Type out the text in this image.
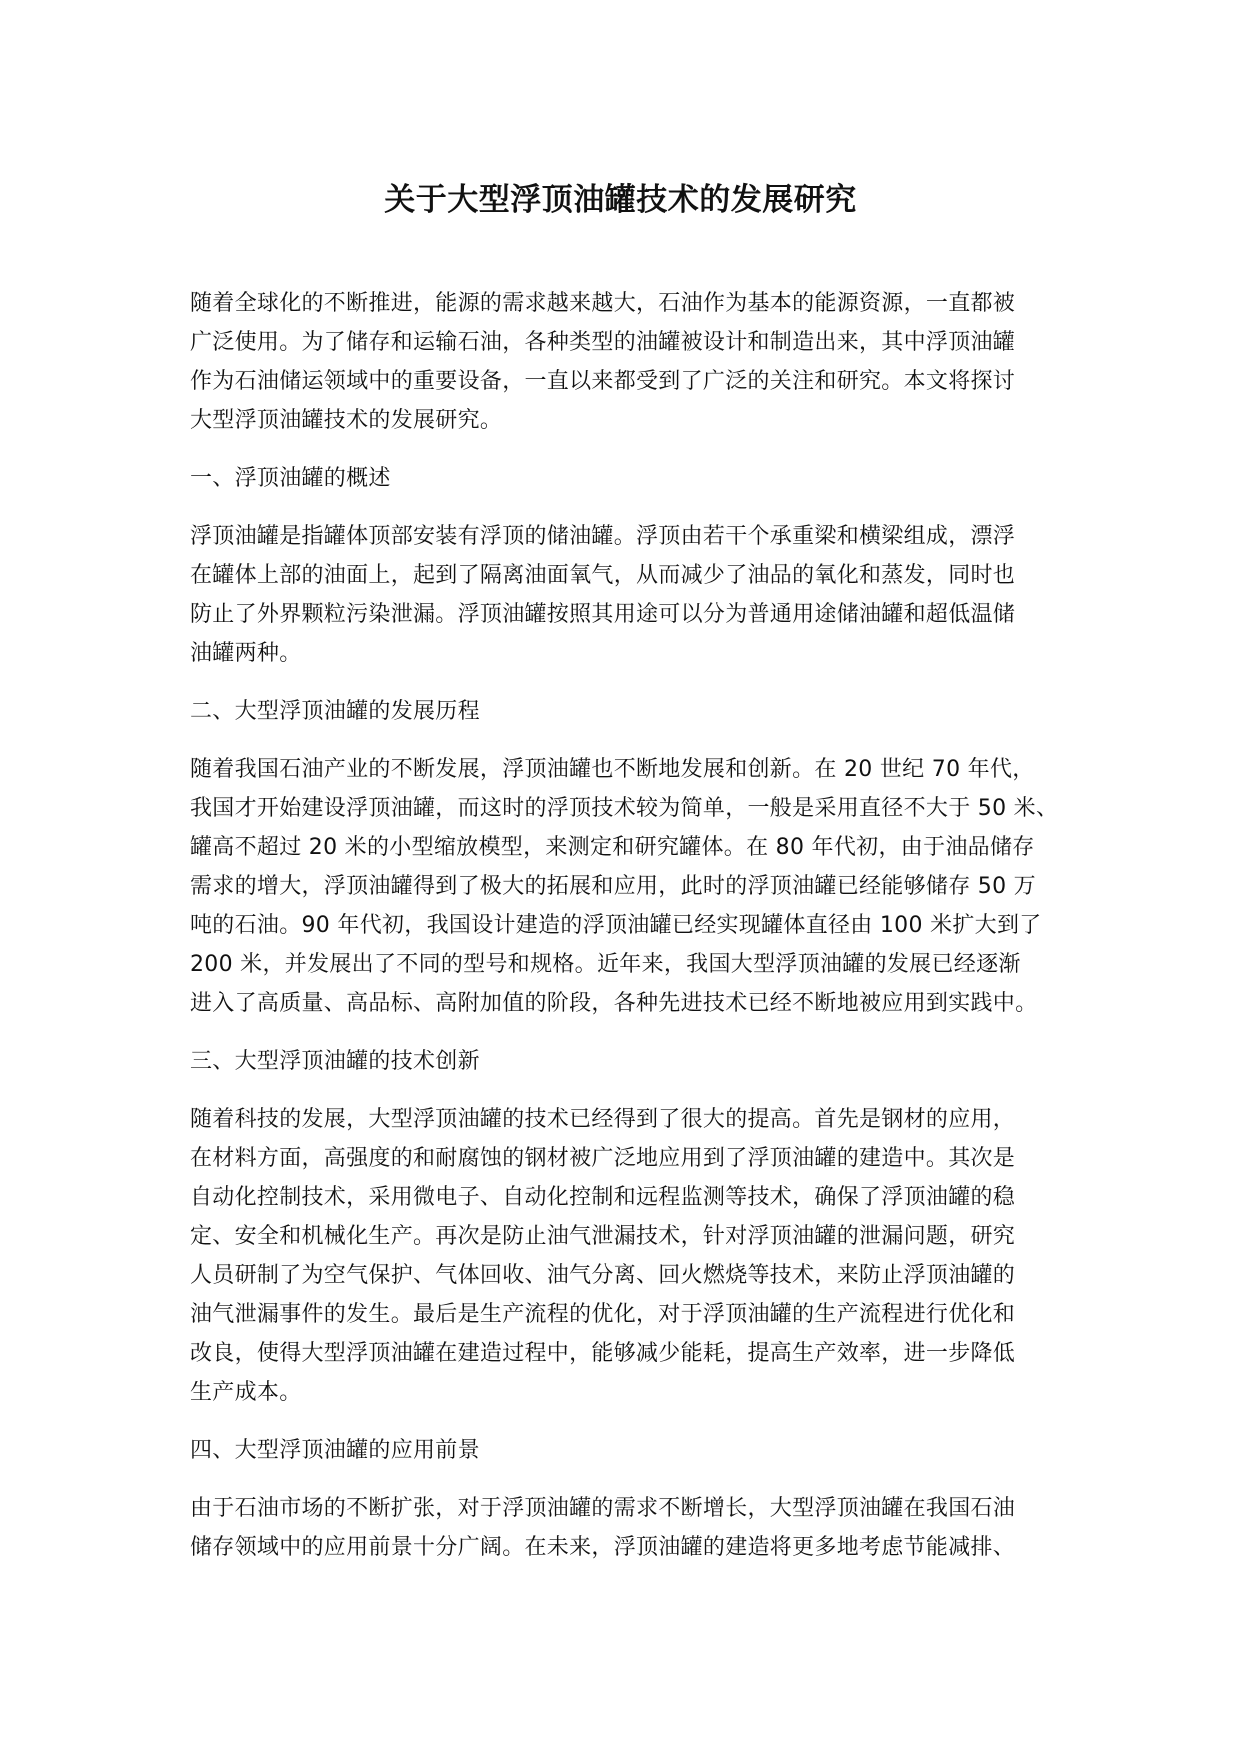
关于大型浮顶油罐技术的发展研究
随着全球化的不断推进，能源的需求越来越大，石油作为基本的能源资源，一直都被
广泛使用。为了储存和运输石油，各种类型的油罐被设计和制造出来，其中浮顶油罐
作为石油储运领域中的重要设备，一直以来都受到了广泛的关注和研究。本文将探讨
大型浮顶油罐技术的发展研究。
一、浮顶油罐的概述
浮顶油罐是指罐体顶部安装有浮顶的储油罐。浮顶由若干个承重梁和横梁组成，漂浮
在罐体上部的油面上，起到了隔离油面氧气，从而减少了油品的氧化和蒸发，同时也
防止了外界颗粒污染泄漏。浮顶油罐按照其用途可以分为普通用途储油罐和超低温储
油罐两种。
二、大型浮顶油罐的发展历程
随着我国石油产业的不断发展，浮顶油罐也不断地发展和创新。在 20 世纪 70 年代，
我国才开始建设浮顶油罐，而这时的浮顶技术较为简单，一般是采用直径不大于 50 米、
罐高不超过 20 米的小型缩放模型，来测定和研究罐体。在 80 年代初，由于油品储存
需求的增大，浮顶油罐得到了极大的拓展和应用，此时的浮顶油罐已经能够储存 50 万
吨的石油。90 年代初，我国设计建造的浮顶油罐已经实现罐体直径由 100 米扩大到了
200 米，并发展出了不同的型号和规格。近年来，我国大型浮顶油罐的发展已经逐渐
进入了高质量、高品标、高附加值的阶段，各种先进技术已经不断地被应用到实践中。
三、大型浮顶油罐的技术创新
随着科技的发展，大型浮顶油罐的技术已经得到了很大的提高。首先是钢材的应用，
在材料方面，高强度的和耐腐蚀的钢材被广泛地应用到了浮顶油罐的建造中。其次是
自动化控制技术，采用微电子、自动化控制和远程监测等技术，确保了浮顶油罐的稳
定、安全和机械化生产。再次是防止油气泄漏技术，针对浮顶油罐的泄漏问题，研究
人员研制了为空气保护、气体回收、油气分离、回火燃烧等技术，来防止浮顶油罐的
油气泄漏事件的发生。最后是生产流程的优化，对于浮顶油罐的生产流程进行优化和
改良，使得大型浮顶油罐在建造过程中，能够减少能耗，提高生产效率，进一步降低
生产成本。
四、大型浮顶油罐的应用前景
由于石油市场的不断扩张，对于浮顶油罐的需求不断增长，大型浮顶油罐在我国石油
储存领域中的应用前景十分广阔。在未来，浮顶油罐的建造将更多地考虑节能减排、
